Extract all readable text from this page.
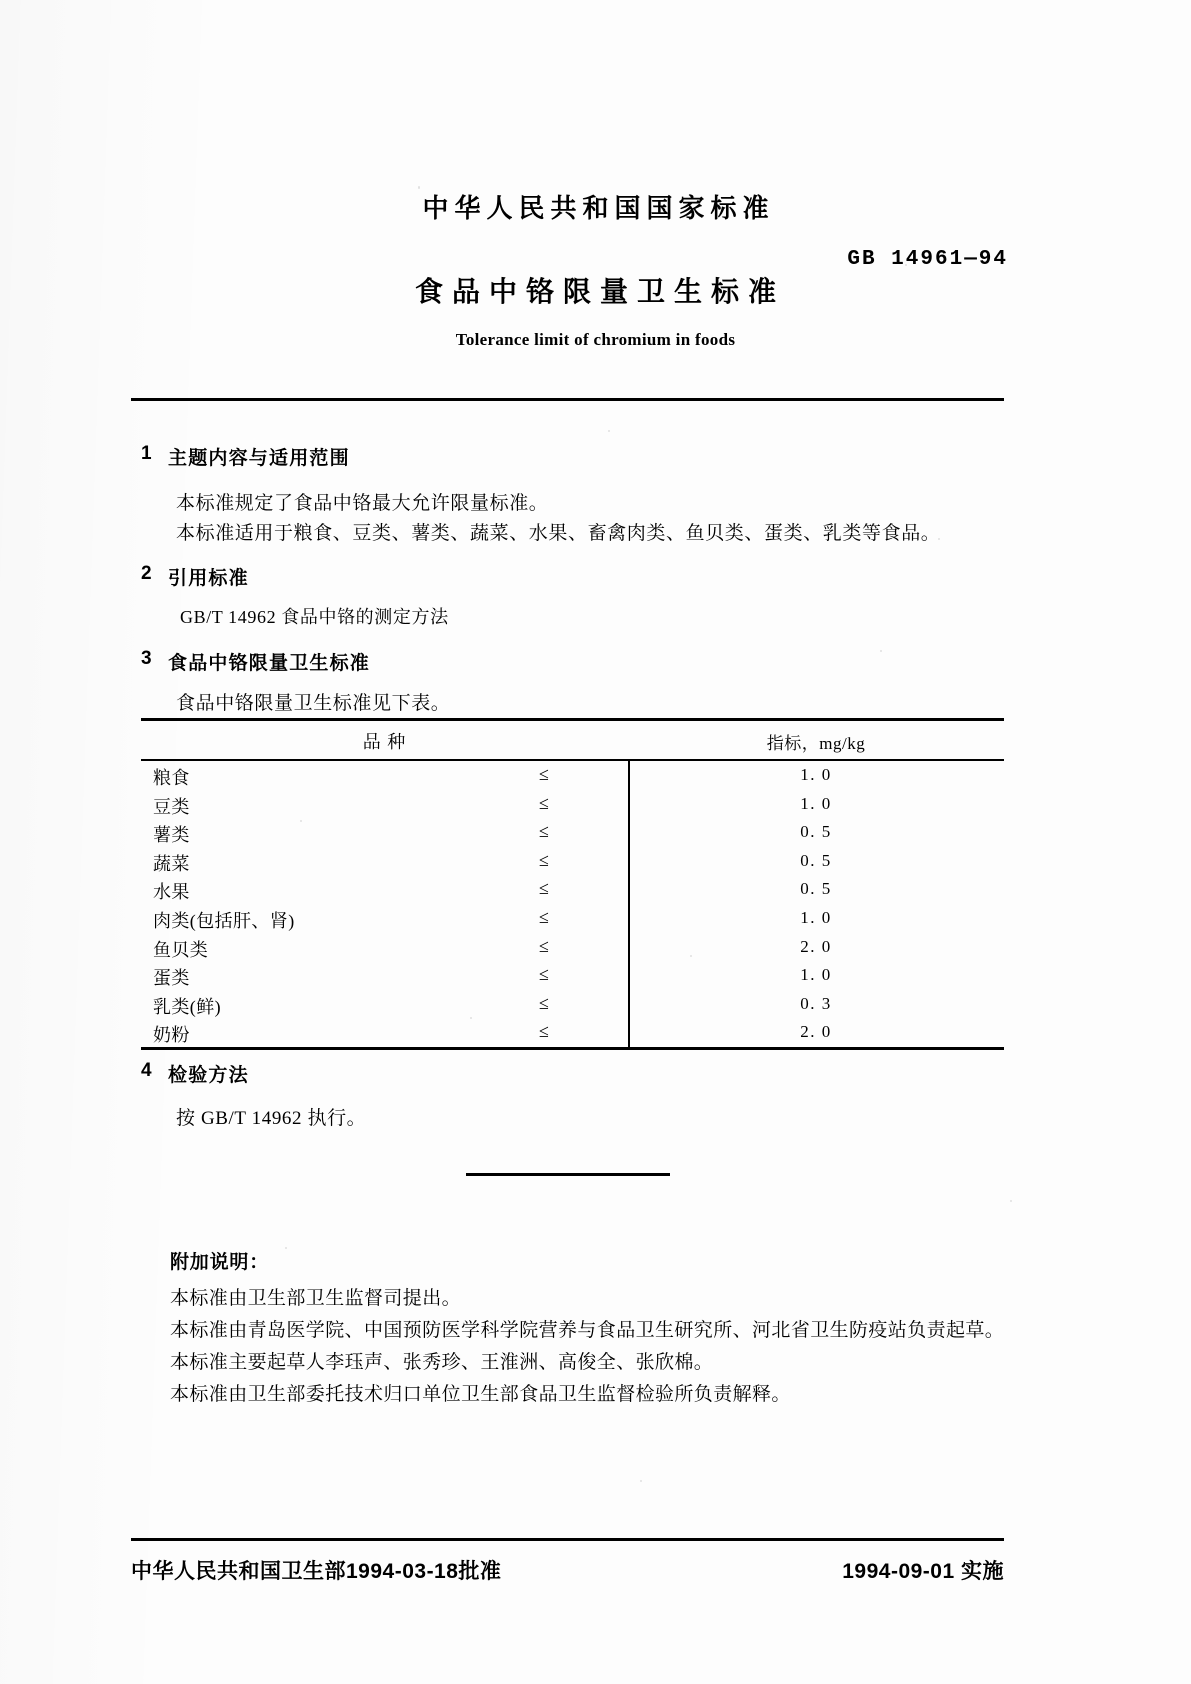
中华人民共和国国家标准
GB 14961—94
食品中铬限量卫生标准
Tolerance limit of chromium in foods
1 主题内容与适用范围
本标准规定了食品中铬最大允许限量标准。
本标准适用于粮食、豆类、薯类、蔬菜、水果、畜禽肉类、鱼贝类、蛋类、乳类等食品。
2 引用标准
GB/T 14962 食品中铬的测定方法
3 食品中铬限量卫生标准
食品中铬限量卫生标准见下表。
品 种	指标，mg/kg
粮食	≤	1. 0
豆类	≤	1. 0
薯类	≤	0. 5
蔬菜	≤	0. 5
水果	≤	0. 5
肉类(包括肝、肾)	≤	1. 0
鱼贝类	≤	2. 0
蛋类	≤	1. 0
乳类(鲜)	≤	0. 3
奶粉	≤	2. 0
4 检验方法
按 GB/T 14962 执行。
附加说明：
本标准由卫生部卫生监督司提出。
本标准由青岛医学院、中国预防医学科学院营养与食品卫生研究所、河北省卫生防疫站负责起草。
本标准主要起草人李珏声、张秀珍、王淮洲、高俊全、张欣棉。
本标准由卫生部委托技术归口单位卫生部食品卫生监督检验所负责解释。
中华人民共和国卫生部1994-03-18批准	1994-09-01 实施
